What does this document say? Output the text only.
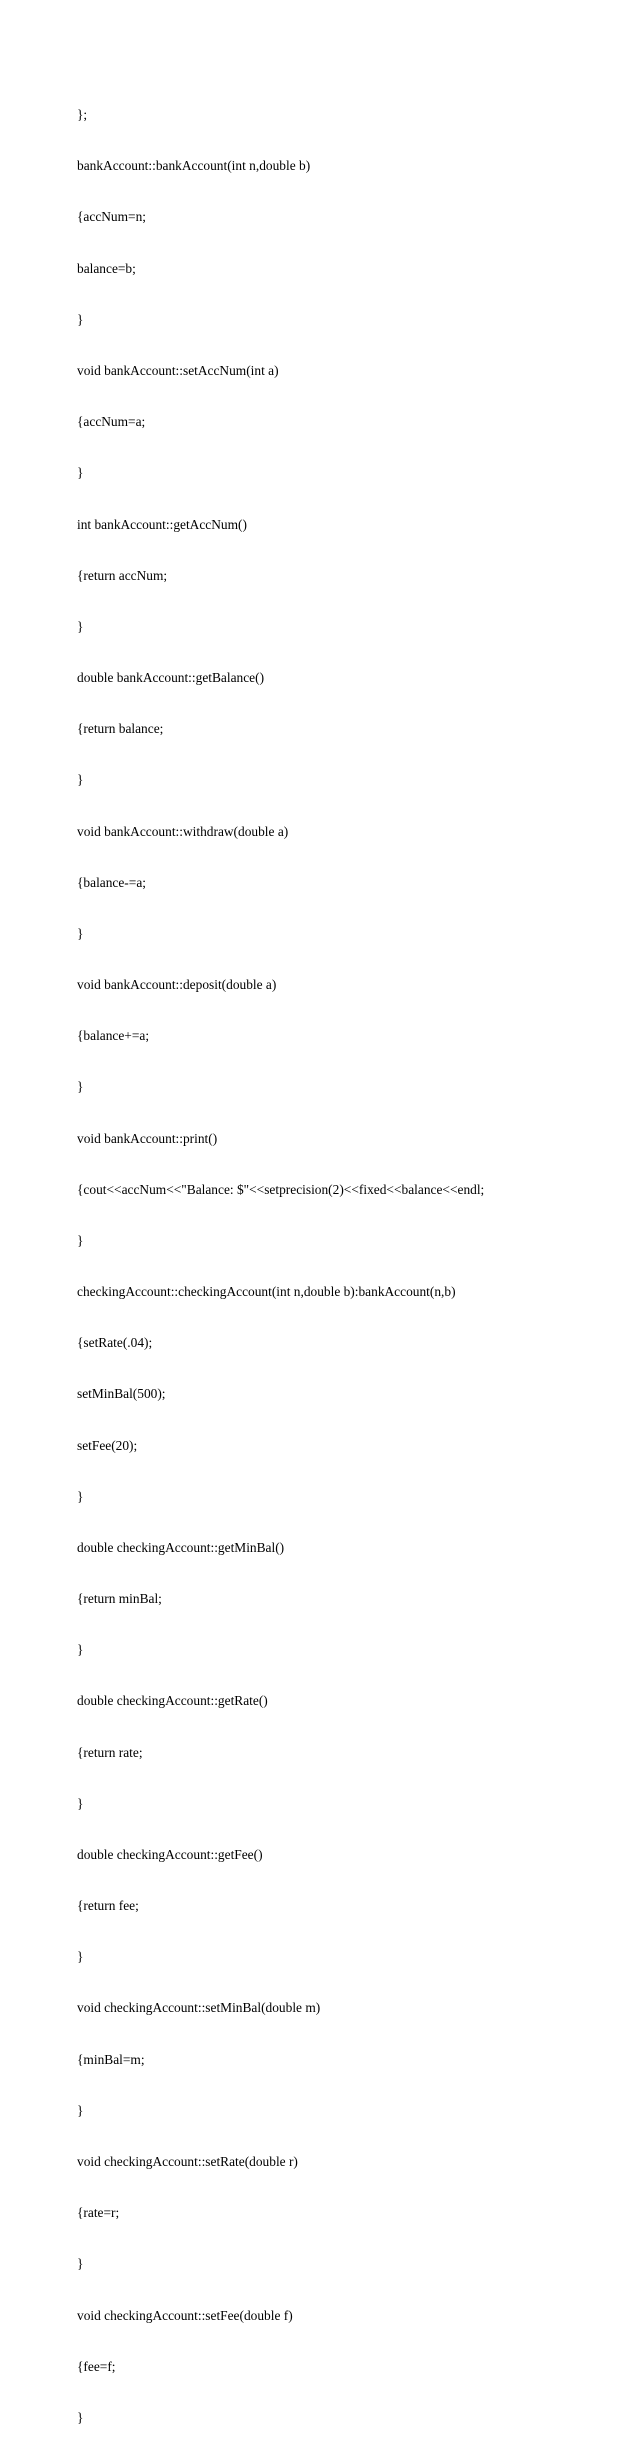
};

bankAccount::bankAccount(int n,double b)

{accNum=n;

balance=b;

}

void bankAccount::setAccNum(int a)

{accNum=a;

}

int bankAccount::getAccNum()

{return accNum;

}

double bankAccount::getBalance()

{return balance;

}

void bankAccount::withdraw(double a)

{balance-=a;

}

void bankAccount::deposit(double a)

{balance+=a;

}

void bankAccount::print()

{cout<<accNum<<"Balance: $"<<setprecision(2)<<fixed<<balance<<endl;

}

checkingAccount::checkingAccount(int n,double b):bankAccount(n,b)

{setRate(.04);

setMinBal(500);

setFee(20);

}

double checkingAccount::getMinBal()

{return minBal;

}

double checkingAccount::getRate()

{return rate;

}

double checkingAccount::getFee()

{return fee;

}

void checkingAccount::setMinBal(double m)

{minBal=m;

}

void checkingAccount::setRate(double r)

{rate=r;

}

void checkingAccount::setFee(double f)

{fee=f;

}
